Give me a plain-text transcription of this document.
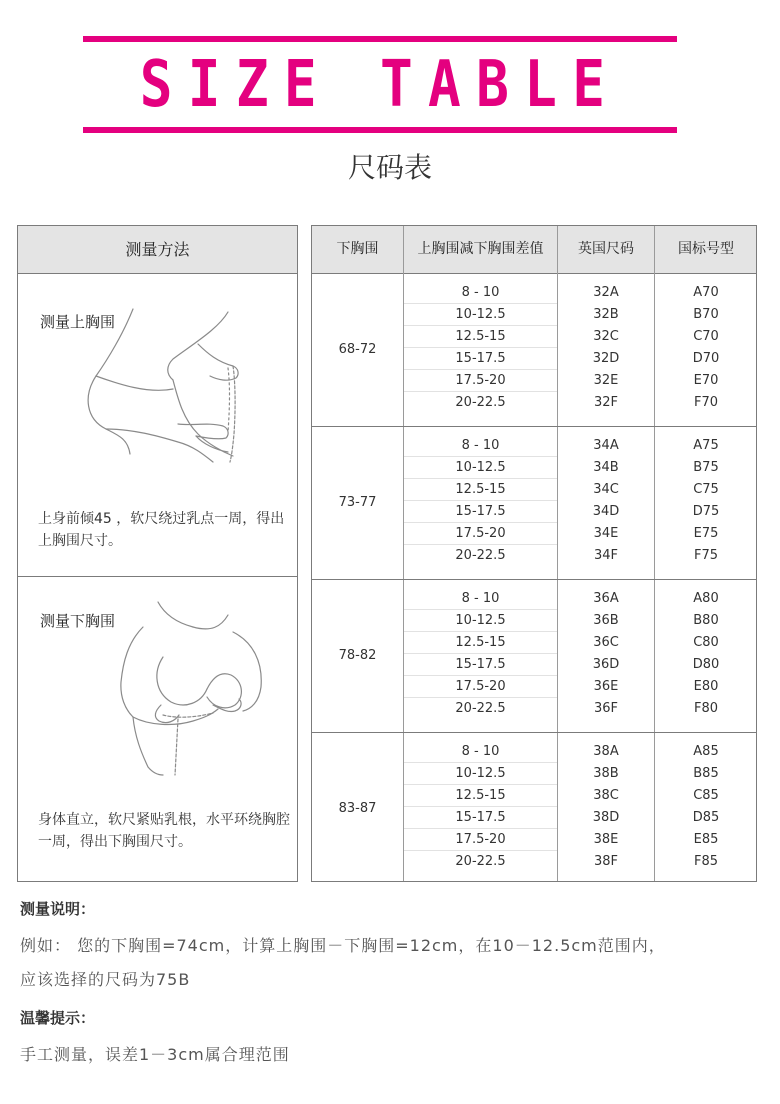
SIZE TABLE
尺码表
测量方法
测量上胸围
上身前倾45 ，软尺绕过乳点一周，得出上胸围尺寸。
测量下胸围
身体直立，软尺紧贴乳根，水平环绕胸腔一周，得出下胸围尺寸。
下胸围	上胸围减下胸围差值	英国尺码	国标号型
68-72
8 - 10	32A	A70
10-12.5	32B	B70
12.5-15	32C	C70
15-17.5	32D	D70
17.5-20	32E	E70
20-22.5	32F	F70
73-77
8 - 10	34A	A75
10-12.5	34B	B75
12.5-15	34C	C75
15-17.5	34D	D75
17.5-20	34E	E75
20-22.5	34F	F75
78-82
8 - 10	36A	A80
10-12.5	36B	B80
12.5-15	36C	C80
15-17.5	36D	D80
17.5-20	36E	E80
20-22.5	36F	F80
83-87
8 - 10	38A	A85
10-12.5	38B	B85
12.5-15	38C	C85
15-17.5	38D	D85
17.5-20	38E	E85
20-22.5	38F	F85
测量说明：
例如： 您的下胸围=74cm，计算上胸围－下胸围=12cm，在10－12.5cm范围内，
应该选择的尺码为75B
温馨提示：
手工测量，误差1－3cm属合理范围
